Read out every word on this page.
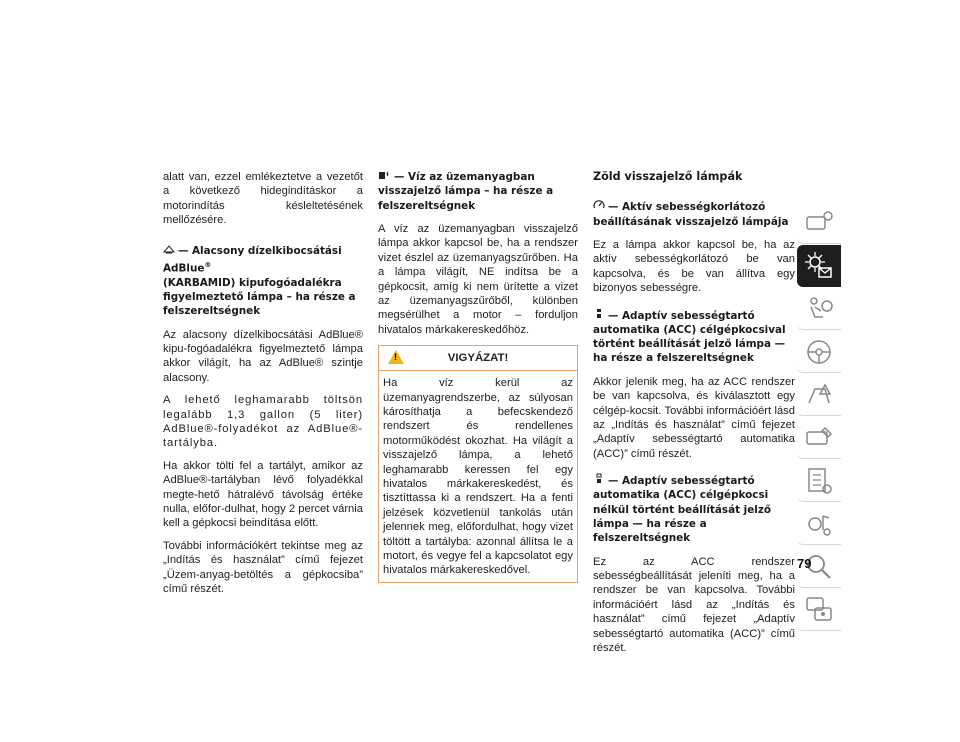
alatt van, ezzel emlékeztetve a vezetőt a következő hidegindításkor a motorindítás késleltetésének mellőzésére.

— Alacsony dízelkibocsátási AdBlue®
(KARBAMID) kipufogóadalékra figyelmeztető lámpa – ha része a felszereltségnek

Az alacsony dízelkibocsátási AdBlue® kipu-fogóadalékra figyelmeztető lámpa akkor világít, ha az AdBlue® szintje alacsony.

A lehető leghamarabb töltsön legalább 1,3 gallon (5 liter) AdBlue®-folyadékot az AdBlue®-tartályba.

Ha akkor tölti fel a tartályt, amikor az AdBlue®-tartályban lévő folyadékkal megte-hető hátralévő távolság értéke nulla, előfor-dulhat, hogy 2 percet várnia kell a gépkocsi beindítása előtt.

További információkért tekintse meg az „Indítás és használat” című fejezet „Üzem-anyag-betöltés a gépkocsiba” című részét.

— Víz az üzemanyagban visszajelző lámpa – ha része a felszereltségnek

A víz az üzemanyagban visszajelző lámpa akkor kapcsol be, ha a rendszer vizet észlel az üzemanyagszűrőben. Ha a lámpa világít, NE indítsa be a gépkocsit, amíg ki nem ürítette a vizet az üzemanyagszűrőből, különben megsérülhet a motor – forduljon hivatalos márkakereskedőhöz.

!	VIGYÁZAT!

Ha víz kerül az üzemanyagrendszerbe, az súlyosan károsíthatja a befecskendező rendszert és rendellenes motorműködést okozhat. Ha világít a visszajelző lámpa, a lehető leghamarabb keressen fel egy hivatalos márkakereskedést, és tisztíttassa ki a rendszert. Ha a fenti jelzések közvetlenül tankolás után jelennek meg, előfordulhat, hogy vizet töltött a tartályba: azonnal állítsa le a motort, és vegye fel a kapcsolatot egy hivatalos márkakereskedővel.

Zöld visszajelző lámpák
— Aktív sebességkorlátozó beállításának visszajelző lámpája

Ez a lámpa akkor kapcsol be, ha az aktív sebességkorlátozó be van kapcsolva, és be van állítva egy bizonyos sebességre.

— Adaptív sebességtartó automatika (ACC) célgépkocsival történt beállítását jelző lámpa — ha része a felszereltségnek

Akkor jelenik meg, ha az ACC rendszer be van kapcsolva, és kiválasztott egy célgép-kocsit. További információért lásd az „Indítás és használat” című fejezet „Adaptív sebességtartó automatika (ACC)” című részét.

— Adaptív sebességtartó automatika (ACC) célgépkocsi nélkül történt beállítását jelző lámpa — ha része a felszereltségnek

Ez az ACC rendszer sebességbeállítását jeleníti meg, ha a rendszer be van kapcsolva. További információért lásd az „Indítás és használat” című fejezet „Adaptív sebességtartó automatika (ACC)” című részét.

79
